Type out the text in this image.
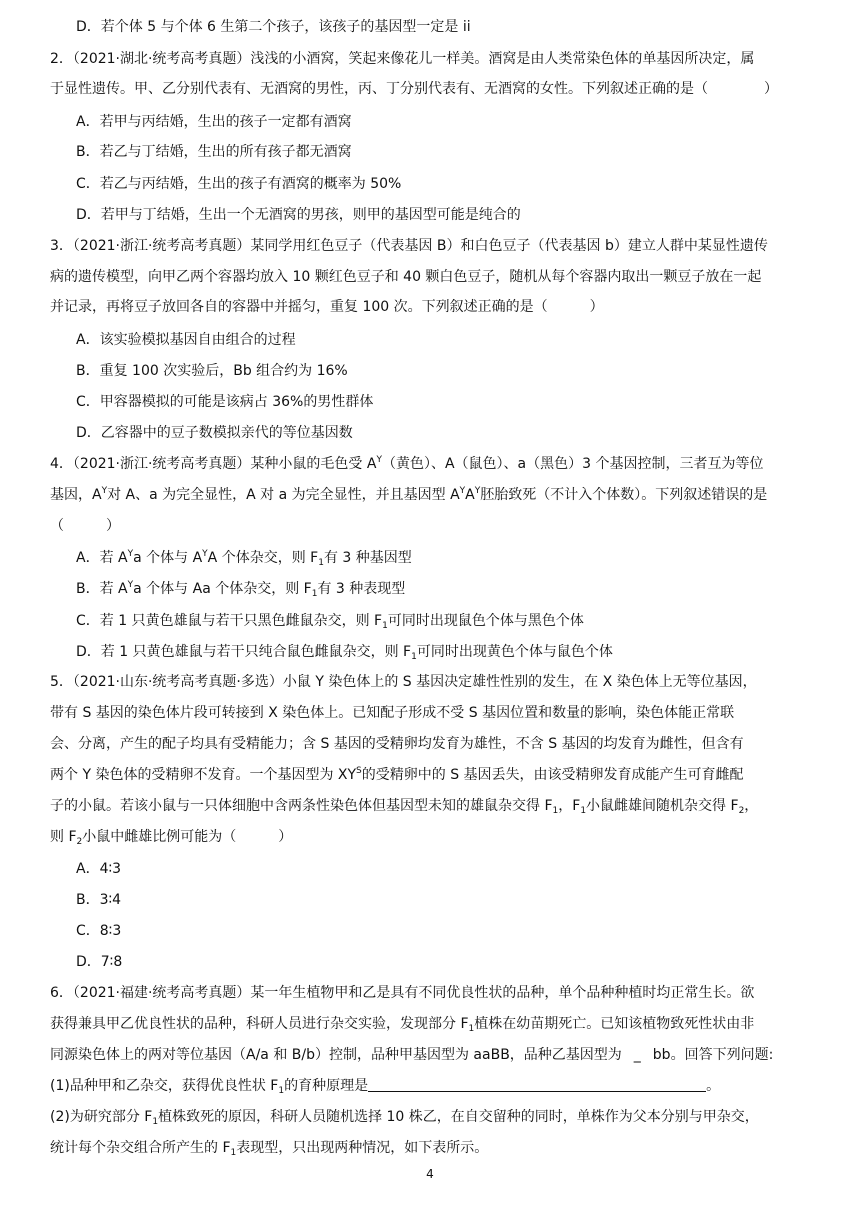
D．若个体 5 与个体 6 生第二个孩子，该孩子的基因型一定是 ii
2．（2021·湖北·统考高考真题）浅浅的小酒窝，笑起来像花儿一样美。酒窝是由人类常染色体的单基因所决定，属
于显性遗传。甲、乙分别代表有、无酒窝的男性，丙、丁分别代表有、无酒窝的女性。下列叙述正确的是（　　　　）
A．若甲与丙结婚，生出的孩子一定都有酒窝
B．若乙与丁结婚，生出的所有孩子都无酒窝
C．若乙与丙结婚，生出的孩子有酒窝的概率为 50%
D．若甲与丁结婚，生出一个无酒窝的男孩，则甲的基因型可能是纯合的
3．（2021·浙江·统考高考真题）某同学用红色豆子（代表基因 B）和白色豆子（代表基因 b）建立人群中某显性遗传
病的遗传模型，向甲乙两个容器均放入 10 颗红色豆子和 40 颗白色豆子，随机从每个容器内取出一颗豆子放在一起
并记录，再将豆子放回各自的容器中并摇匀，重复 100 次。下列叙述正确的是（　　　）
A．该实验模拟基因自由组合的过程
B．重复 100 次实验后，Bb 组合约为 16%
C．甲容器模拟的可能是该病占 36%的男性群体
D．乙容器中的豆子数模拟亲代的等位基因数
4．（2021·浙江·统考高考真题）某种小鼠的毛色受 $A^Y$（黄色）、A（鼠色）、a（黑色）3 个基因控制，三者互为等位
基因，$A^Y$对 A、a 为完全显性，A 对 a 为完全显性，并且基因型 $A^YA^Y$胚胎致死（不计入个体数）。下列叙述错误的是
（　　　）
A．若 $A^Ya$ 个体与 $A^YA$ 个体杂交，则 $F_1$有 3 种基因型
B．若 $A^Ya$ 个体与 Aa 个体杂交，则 $F_1$有 3 种表现型
C．若 1 只黄色雄鼠与若干只黑色雌鼠杂交，则 $F_1$可同时出现鼠色个体与黑色个体
D．若 1 只黄色雄鼠与若干只纯合鼠色雌鼠杂交，则 $F_1$可同时出现黄色个体与鼠色个体
5．（2021·山东·统考高考真题·多选）小鼠 Y 染色体上的 S 基因决定雄性性别的发生，在 X 染色体上无等位基因，
带有 S 基因的染色体片段可转接到 X 染色体上。已知配子形成不受 S 基因位置和数量的影响，染色体能正常联
会、分离，产生的配子均具有受精能力；含 S 基因的受精卵均发育为雄性，不含 S 基因的均发育为雌性，但含有
两个 Y 染色体的受精卵不发育。一个基因型为 $XY^S$的受精卵中的 S 基因丢失，由该受精卵发育成能产生可育雌配
子的小鼠。若该小鼠与一只体细胞中含两条性染色体但基因型未知的雄鼠杂交得 $F_1$，$F_1$小鼠雌雄间随机杂交得 $F_2$，
则 $F_2$小鼠中雌雄比例可能为（　　　）
A．4∶3
B．3∶4
C．8∶3
D．7∶8
6．（2021·福建·统考高考真题）某一年生植物甲和乙是具有不同优良性状的品种，单个品种种植时均正常生长。欲
获得兼具甲乙优良性状的品种，科研人员进行杂交实验，发现部分 $F_1$植株在幼苗期死亡。已知该植物致死性状由非
同源染色体上的两对等位基因（A/a 和 B/b）控制，品种甲基因型为 aaBB，品种乙基因型为 _ bb。回答下列问题:
(1)品种甲和乙杂交，获得优良性状 $F_1$的育种原理是	。
(2)为研究部分 $F_1$植株致死的原因，科研人员随机选择 10 株乙，在自交留种的同时，单株作为父本分别与甲杂交，
统计每个杂交组合所产生的 $F_1$表现型，只出现两种情况，如下表所示。
4
